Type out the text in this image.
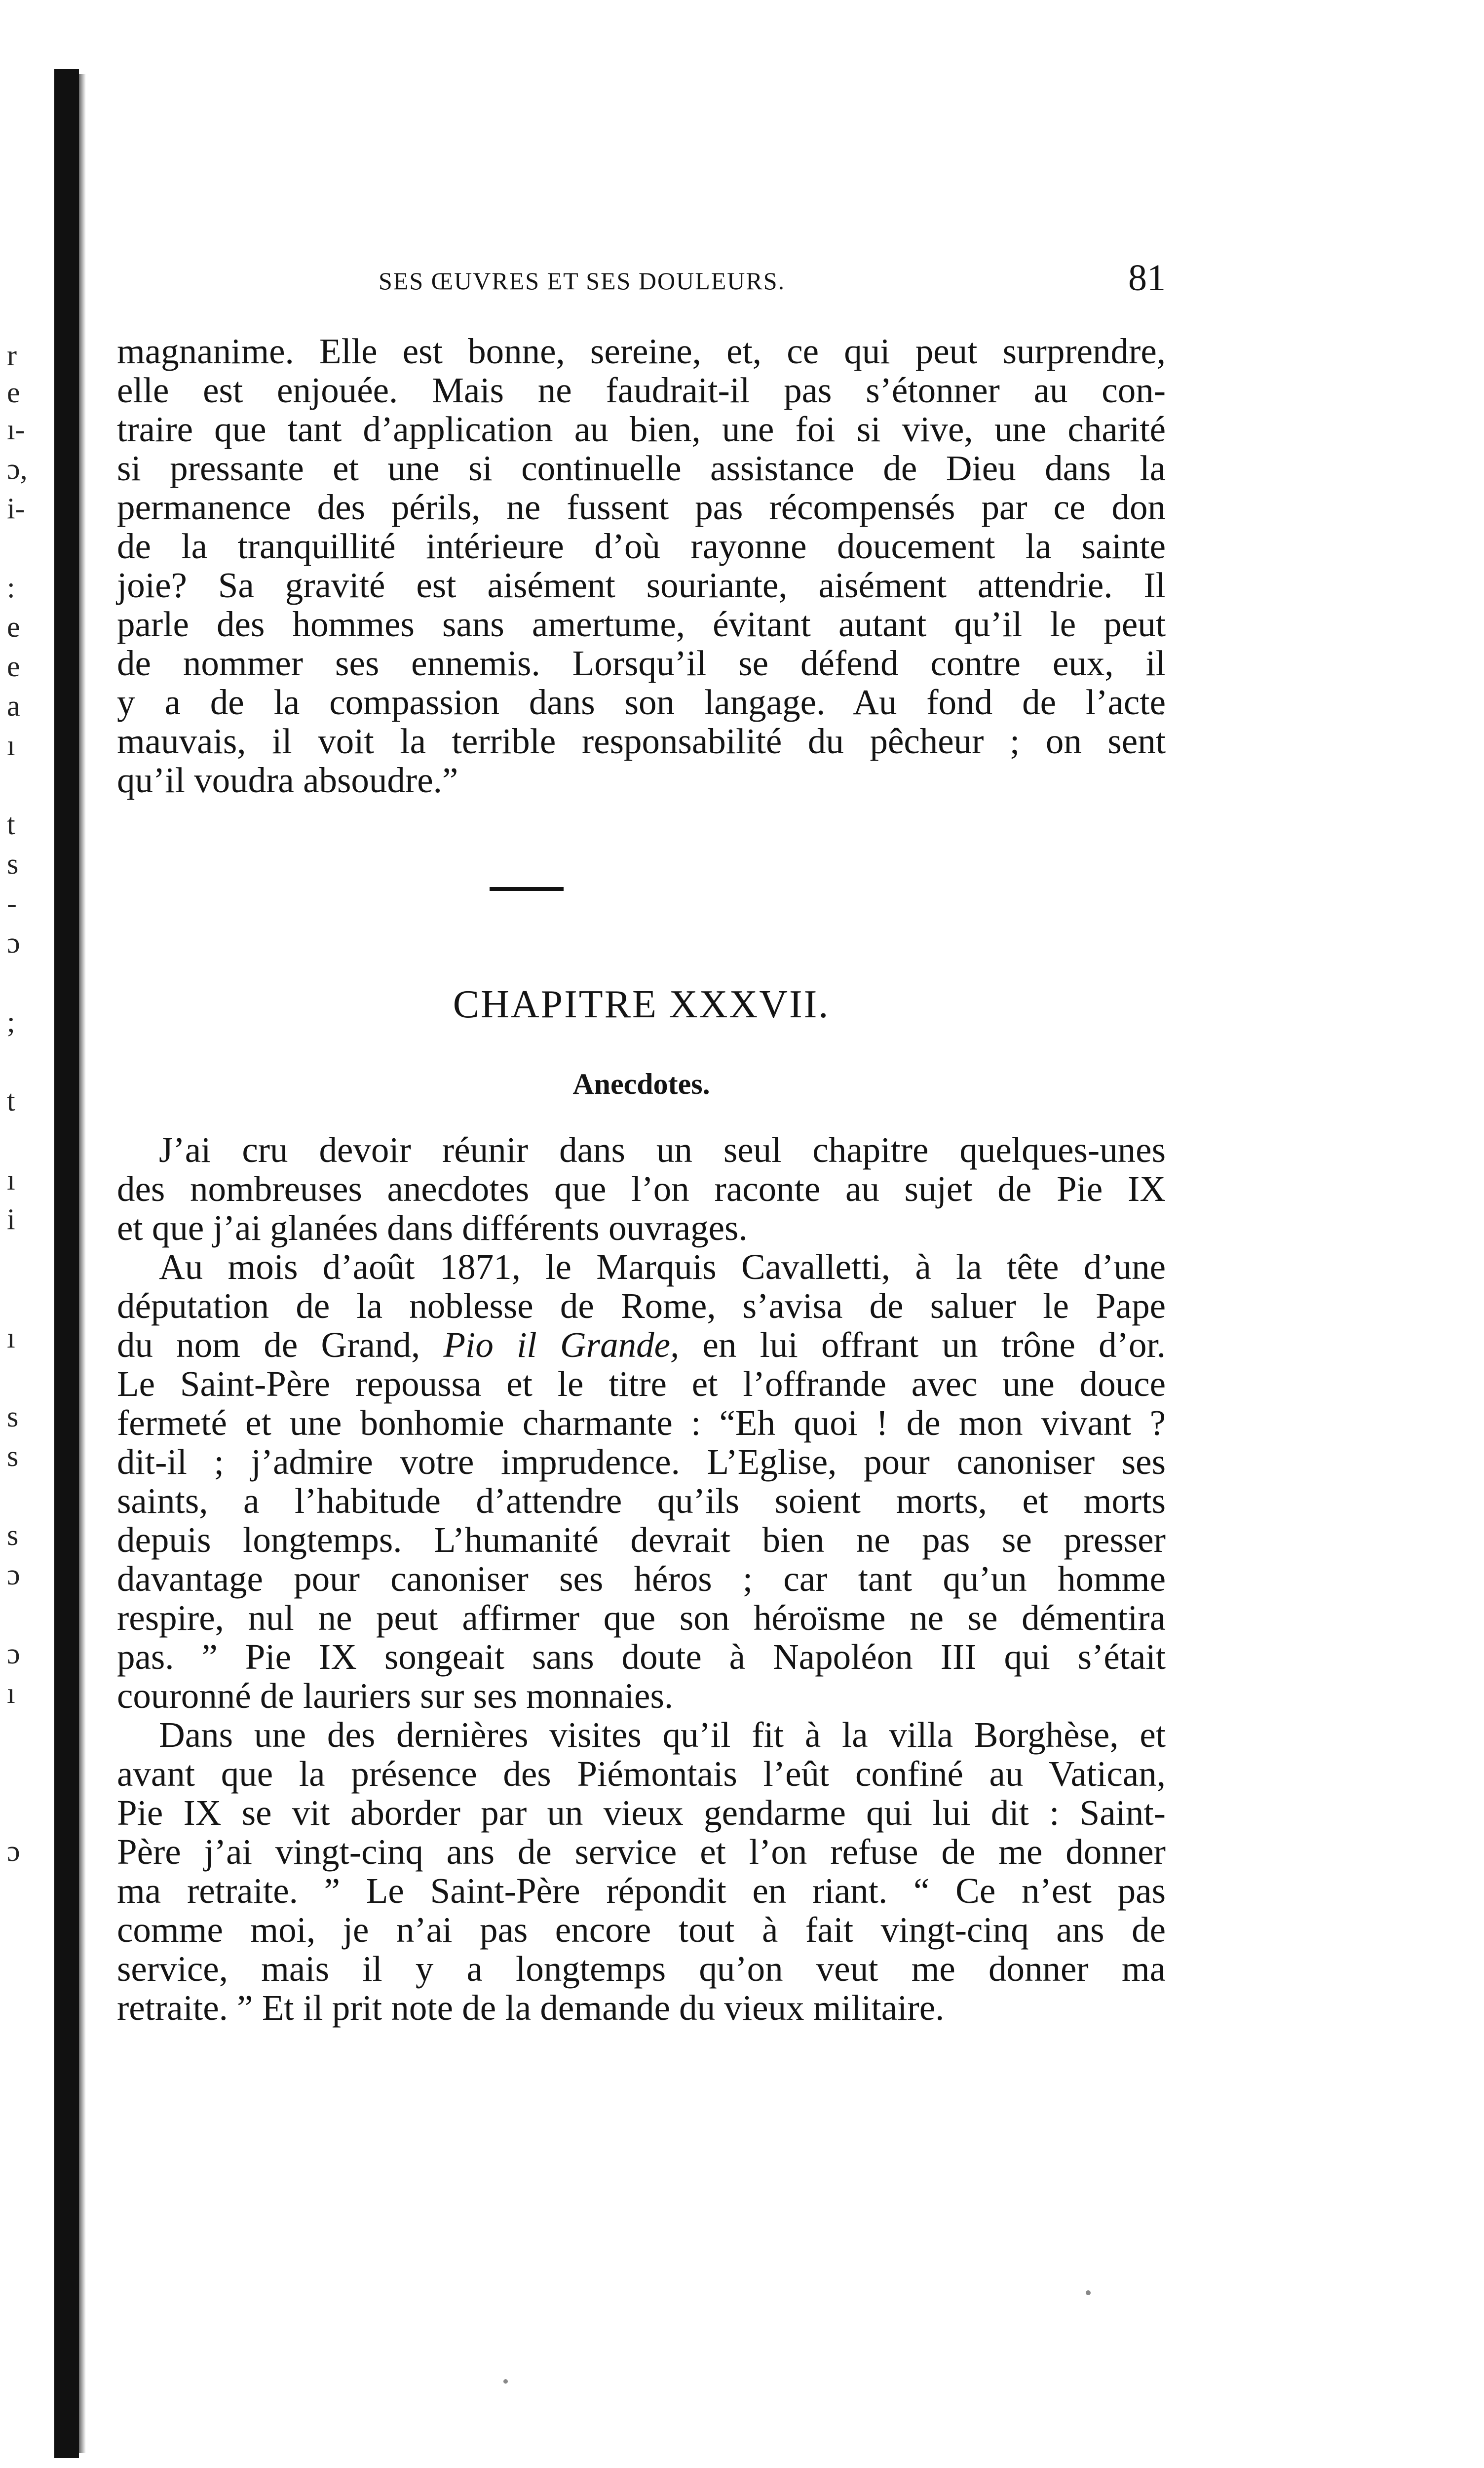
r
e
ı-
ɔ,
i-
:
e
e
a
ı
t
s
-
ɔ
;
t
ı
i
ı
s
s
s
ɔ
ɔ
ı
ɔ
SES ŒUVRES ET SES DOULEURS.	81
magnanime. Elle est bonne, sereine, et, ce qui peut surprendre,
elle est enjouée. Mais ne faudrait-il pas s’étonner au con-
traire que tant d’application au bien, une foi si vive, une charité
si pressante et une si continuelle assistance de Dieu dans la
permanence des périls, ne fussent pas récompensés par ce don
de la tranquillité intérieure d’où rayonne doucement la sainte
joie? Sa gravité est aisément souriante, aisément attendrie. Il
parle des hommes sans amertume, évitant autant qu’il le peut
de nommer ses ennemis. Lorsqu’il se défend contre eux, il
y a de la compassion dans son langage. Au fond de l’acte
mauvais, il voit la terrible responsabilité du pêcheur ; on sent
qu’il voudra absoudre.”
CHAPITRE XXXVII.
Anecdotes.
J’ai cru devoir réunir dans un seul chapitre quelques-unes
des nombreuses anecdotes que l’on raconte au sujet de Pie IX
et que j’ai glanées dans différents ouvrages.
Au mois d’août 1871, le Marquis Cavalletti, à la tête d’une
députation de la noblesse de Rome, s’avisa de saluer le Pape
du nom de Grand, Pio il Grande, en lui offrant un trône d’or.
Le Saint-Père repoussa et le titre et l’offrande avec une douce
fermeté et une bonhomie charmante : “Eh quoi ! de mon vivant ?
dit-il ; j’admire votre imprudence. L’Eglise, pour canoniser ses
saints, a l’habitude d’attendre qu’ils soient morts, et morts
depuis longtemps. L’humanité devrait bien ne pas se presser
davantage pour canoniser ses héros ; car tant qu’un homme
respire, nul ne peut affirmer que son héroïsme ne se démentira
pas. ” Pie IX songeait sans doute à Napoléon III qui s’était
couronné de lauriers sur ses monnaies.
Dans une des dernières visites qu’il fit à la villa Borghèse, et
avant que la présence des Piémontais l’eût confiné au Vatican,
Pie IX se vit aborder par un vieux gendarme qui lui dit : Saint-
Père j’ai vingt-cinq ans de service et l’on refuse de me donner
ma retraite. ” Le Saint-Père répondit en riant. “ Ce n’est pas
comme moi, je n’ai pas encore tout à fait vingt-cinq ans de
service, mais il y a longtemps qu’on veut me donner ma
retraite. ” Et il prit note de la demande du vieux militaire.
